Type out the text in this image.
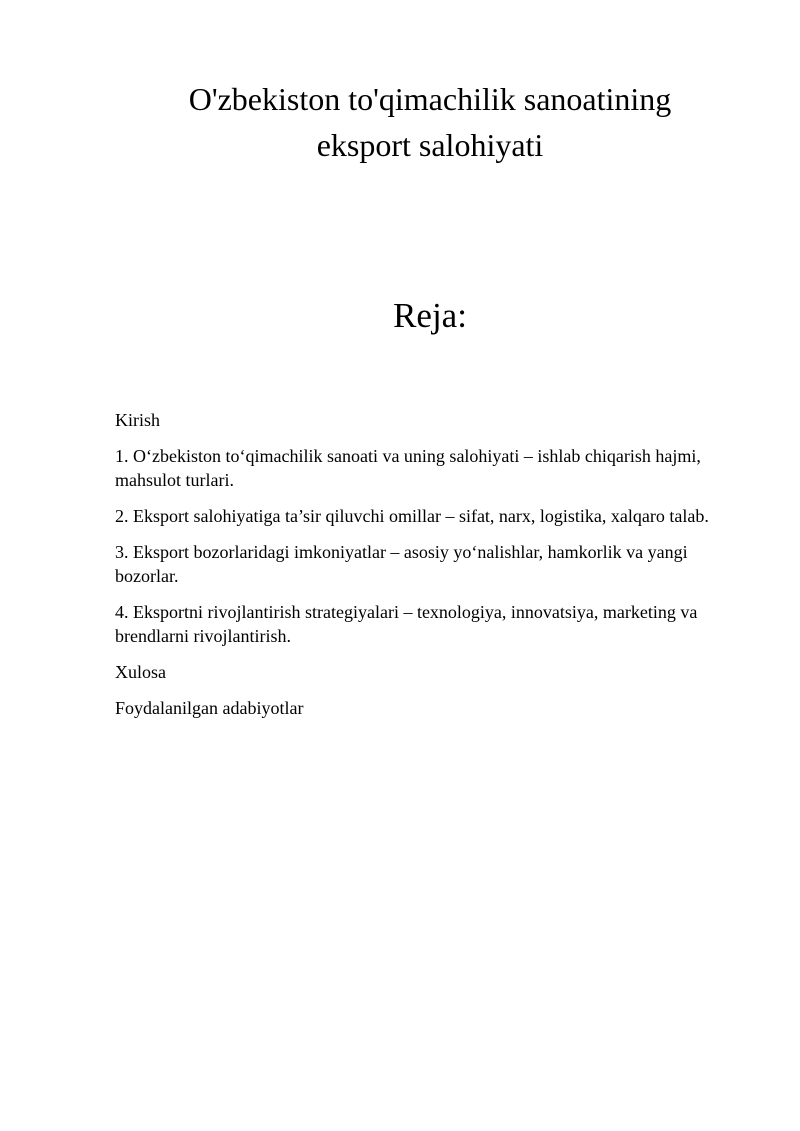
O'zbekiston to'qimachilik sanoatining
eksport salohiyati
Reja:
Kirish
1. O‘zbekiston to‘qimachilik sanoati va uning salohiyati – ishlab chiqarish hajmi, mahsulot turlari.
2. Eksport salohiyatiga ta’sir qiluvchi omillar – sifat, narx, logistika, xalqaro talab.
3. Eksport bozorlaridagi imkoniyatlar – asosiy yo‘nalishlar, hamkorlik va yangi bozorlar.
4. Eksportni rivojlantirish strategiyalari – texnologiya, innovatsiya, marketing va brendlarni rivojlantirish.
Xulosa
Foydalanilgan adabiyotlar
